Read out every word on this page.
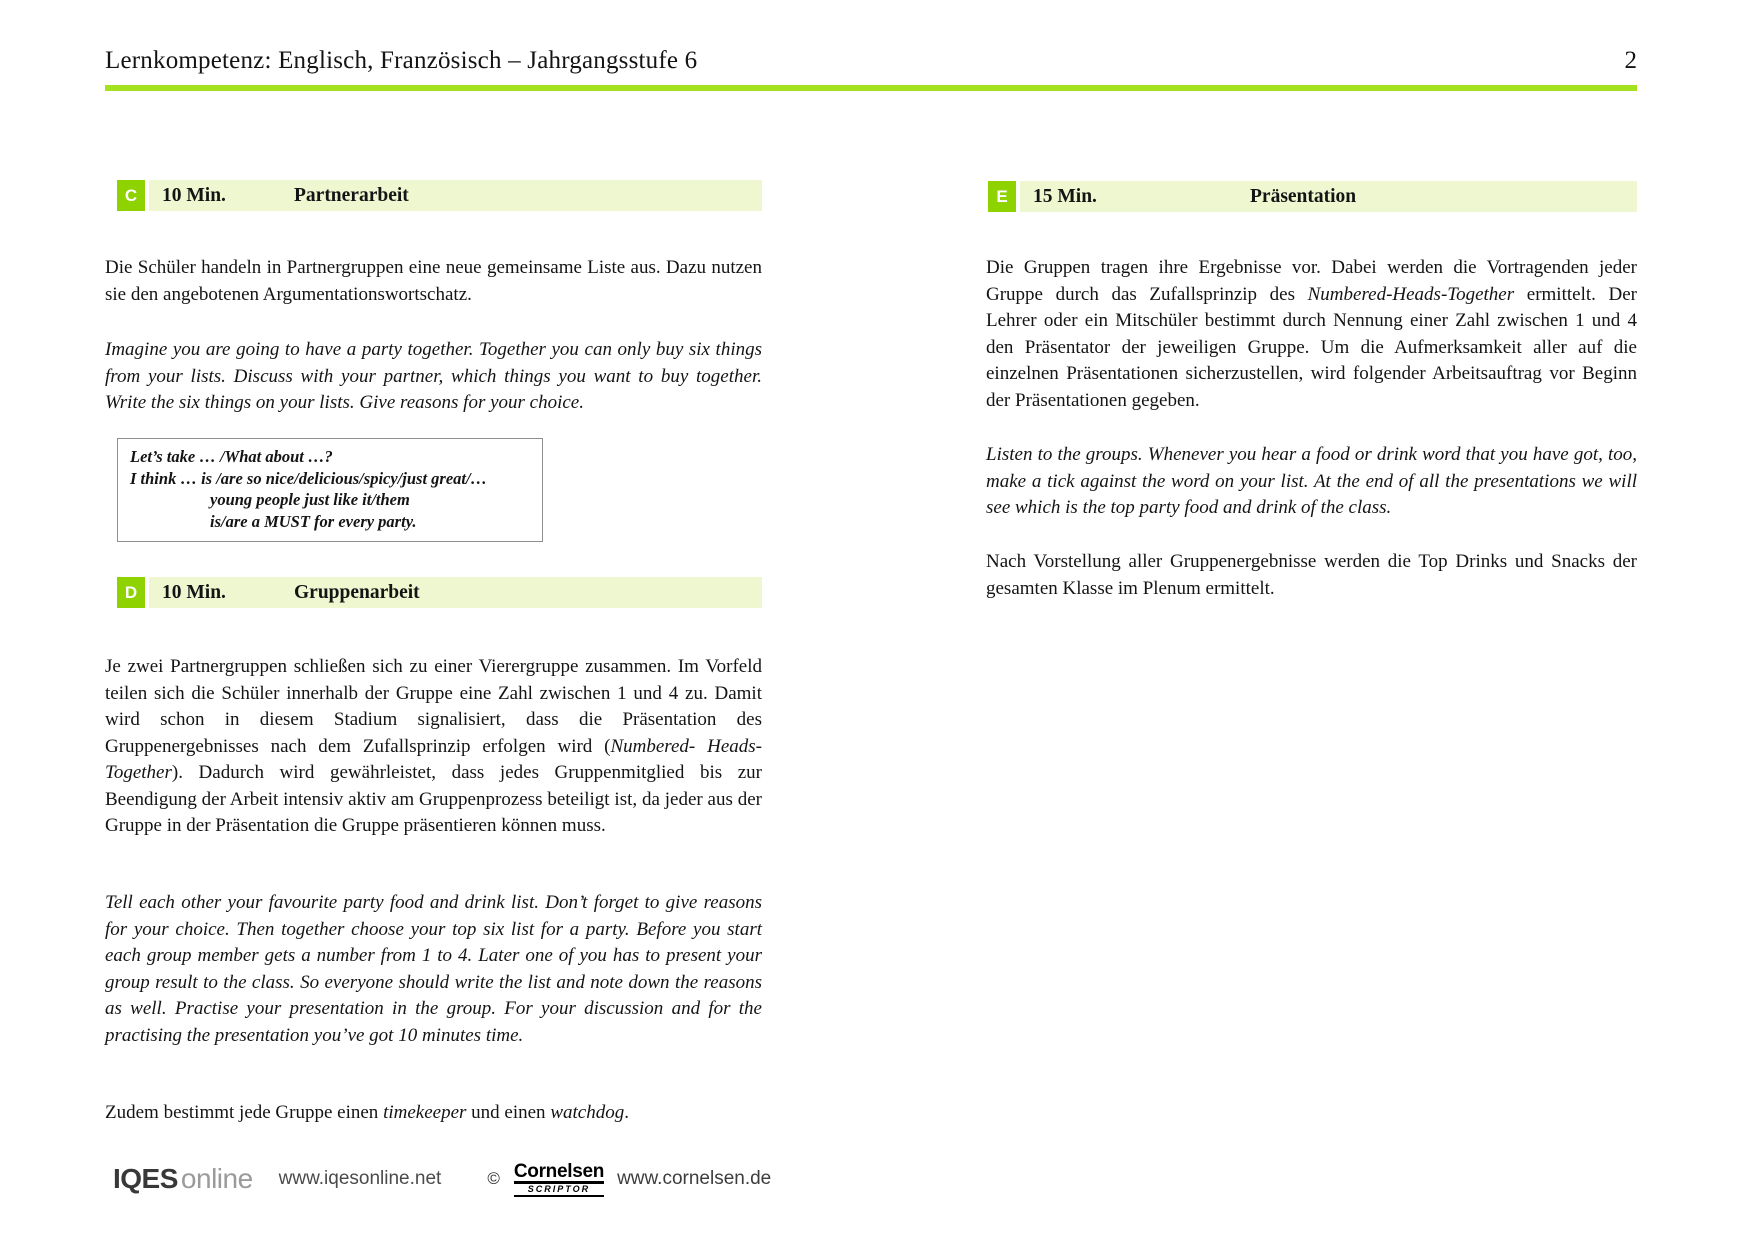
Lernkompetenz: Englisch, Französisch – Jahrgangsstufe 6	2
C	10 Min.	Partnerarbeit

Die Schüler handeln in Partnergruppen eine neue gemeinsame Liste aus. Dazu nutzen sie den angebotenen Argumentationswortschatz.

Imagine you are going to have a party together. Together you can only buy six things from your lists. Discuss with your partner, which things you want to buy together. Write the six things on your lists. Give reasons for your choice.

Let’s take … /What about …?
I think … is /are so nice/delicious/spicy/just great/…
young people just like it/them
is/are a MUST for every party.
D	10 Min.	Gruppenarbeit

Je zwei Partnergruppen schließen sich zu einer Vierergruppe zusammen. Im Vorfeld teilen sich die Schüler innerhalb der Gruppe eine Zahl zwischen 1 und 4 zu. Damit wird schon in diesem Stadium signalisiert, dass die Präsentation des Gruppenergebnisses nach dem Zufallsprinzip erfolgen wird (Numbered- Heads-Together). Dadurch wird gewährleistet, dass jedes Gruppenmitglied bis zur Beendigung der Arbeit intensiv aktiv am Gruppenprozess beteiligt ist, da jeder aus der Gruppe in der Präsentation die Gruppe präsentieren können muss.

Tell each other your favourite party food and drink list. Don’t forget to give reasons for your choice. Then together choose your top six list for a party. Before you start each group member gets a number from 1 to 4. Later one of you has to present your group result to the class. So everyone should write the list and note down the reasons as well. Practise your presentation in the group. For your discussion and for the practising the presentation you’ve got 10 minutes time.

Zudem bestimmt jede Gruppe einen timekeeper und einen watchdog.

E	15 Min.	Präsentation

Die Gruppen tragen ihre Ergebnisse vor. Dabei werden die Vortragenden jeder Gruppe durch das Zufallsprinzip des Numbered-Heads-Together ermittelt. Der Lehrer oder ein Mitschüler bestimmt durch Nennung einer Zahl zwischen 1 und 4 den Präsentator der jeweiligen Gruppe. Um die Aufmerksamkeit aller auf die einzelnen Präsentationen sicherzustellen, wird folgender Arbeitsauftrag vor Beginn der Präsentationen gegeben.

Listen to the groups. Whenever you hear a food or drink word that you have got, too, make a tick against the word on your list. At the end of all the presentations we will see which is the top party food and drink of the class.

Nach Vorstellung aller Gruppenergebnisse werden die Top Drinks und Snacks der gesamten Klasse im Plenum ermittelt.

IQES online www.iqesonline.net	© Cornelsen
SCRIPTOR	www.cornelsen.de
